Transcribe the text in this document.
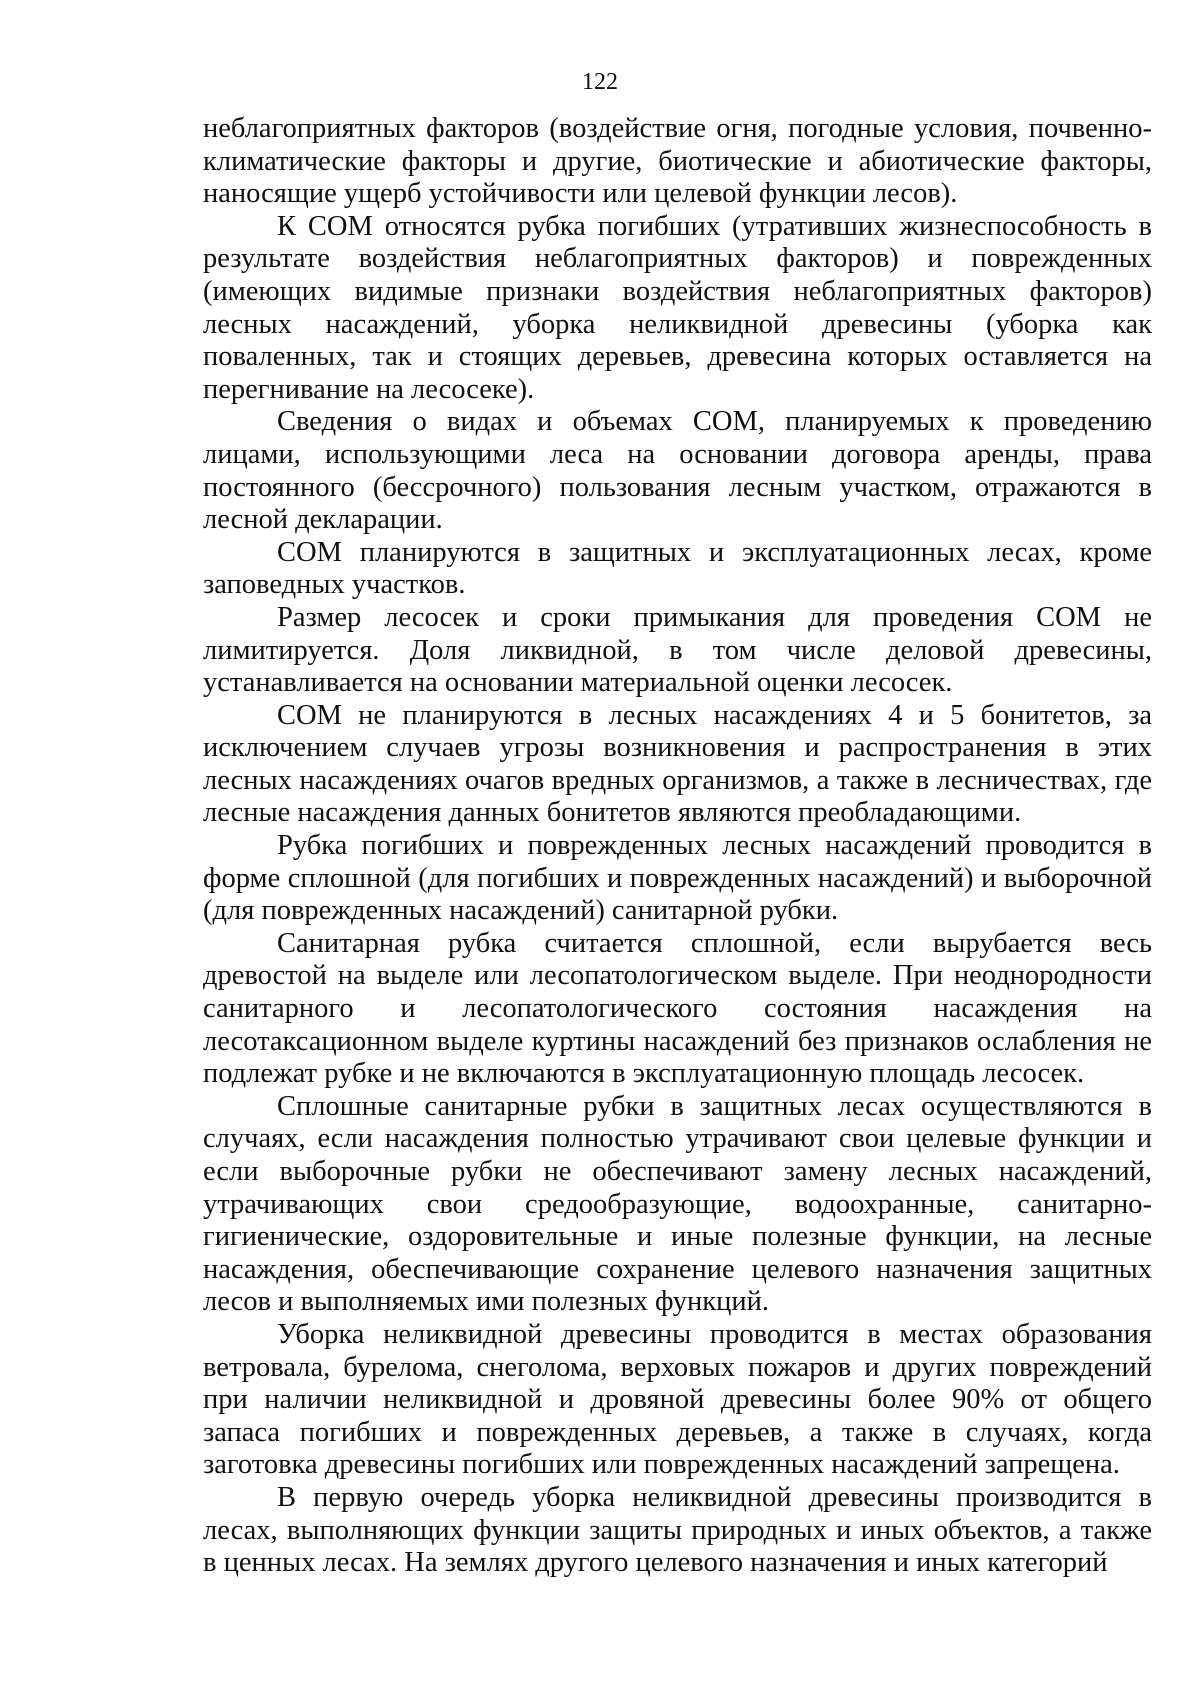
122

неблагоприятных факторов (воздействие огня, погодные условия, почвенно-климатические факторы и другие, биотические и абиотические факторы, наносящие ущерб устойчивости или целевой функции лесов).

К СОМ относятся рубка погибших (утративших жизнеспособность в результате воздействия неблагоприятных факторов) и поврежденных (имеющих видимые признаки воздействия неблагоприятных факторов) лесных насаждений, уборка неликвидной древесины (уборка как поваленных, так и стоящих деревьев, древесина которых оставляется на перегнивание на лесосеке).

Сведения о видах и объемах СОМ, планируемых к проведению лицами, использующими леса на основании договора аренды, права постоянного (бессрочного) пользования лесным участком, отражаются в лесной декларации.

СОМ планируются в защитных и эксплуатационных лесах, кроме заповедных участков.

Размер лесосек и сроки примыкания для проведения СОМ не лимитируется. Доля ликвидной, в том числе деловой древесины, устанавливается на основании материальной оценки лесосек.

СОМ не планируются в лесных насаждениях 4 и 5 бонитетов, за исключением случаев угрозы возникновения и распространения в этих лесных насаждениях очагов вредных организмов, а также в лесничествах, где лесные насаждения данных бонитетов являются преобладающими.

Рубка погибших и поврежденных лесных насаждений проводится в форме сплошной (для погибших и поврежденных насаждений) и выборочной (для поврежденных насаждений) санитарной рубки.

Санитарная рубка считается сплошной, если вырубается весь древостой на выделе или лесопатологическом выделе. При неоднородности санитарного и лесопатологического состояния насаждения на лесотаксационном выделе куртины насаждений без признаков ослабления не подлежат рубке и не включаются в эксплуатационную площадь лесосек.

Сплошные санитарные рубки в защитных лесах осуществляются в случаях, если насаждения полностью утрачивают свои целевые функции и если выборочные рубки не обеспечивают замену лесных насаждений, утрачивающих свои средообразующие, водоохранные, санитарно-гигиенические, оздоровительные и иные полезные функции, на лесные насаждения, обеспечивающие сохранение целевого назначения защитных лесов и выполняемых ими полезных функций.

Уборка неликвидной древесины проводится в местах образования ветровала, бурелома, снеголома, верховых пожаров и других повреждений при наличии неликвидной и дровяной древесины более 90% от общего запаса погибших и поврежденных деревьев, а также в случаях, когда заготовка древесины погибших или поврежденных насаждений запрещена.

В первую очередь уборка неликвидной древесины производится в лесах, выполняющих функции защиты природных и иных объектов, а также в ценных лесах. На землях другого целевого назначения и иных категорий
